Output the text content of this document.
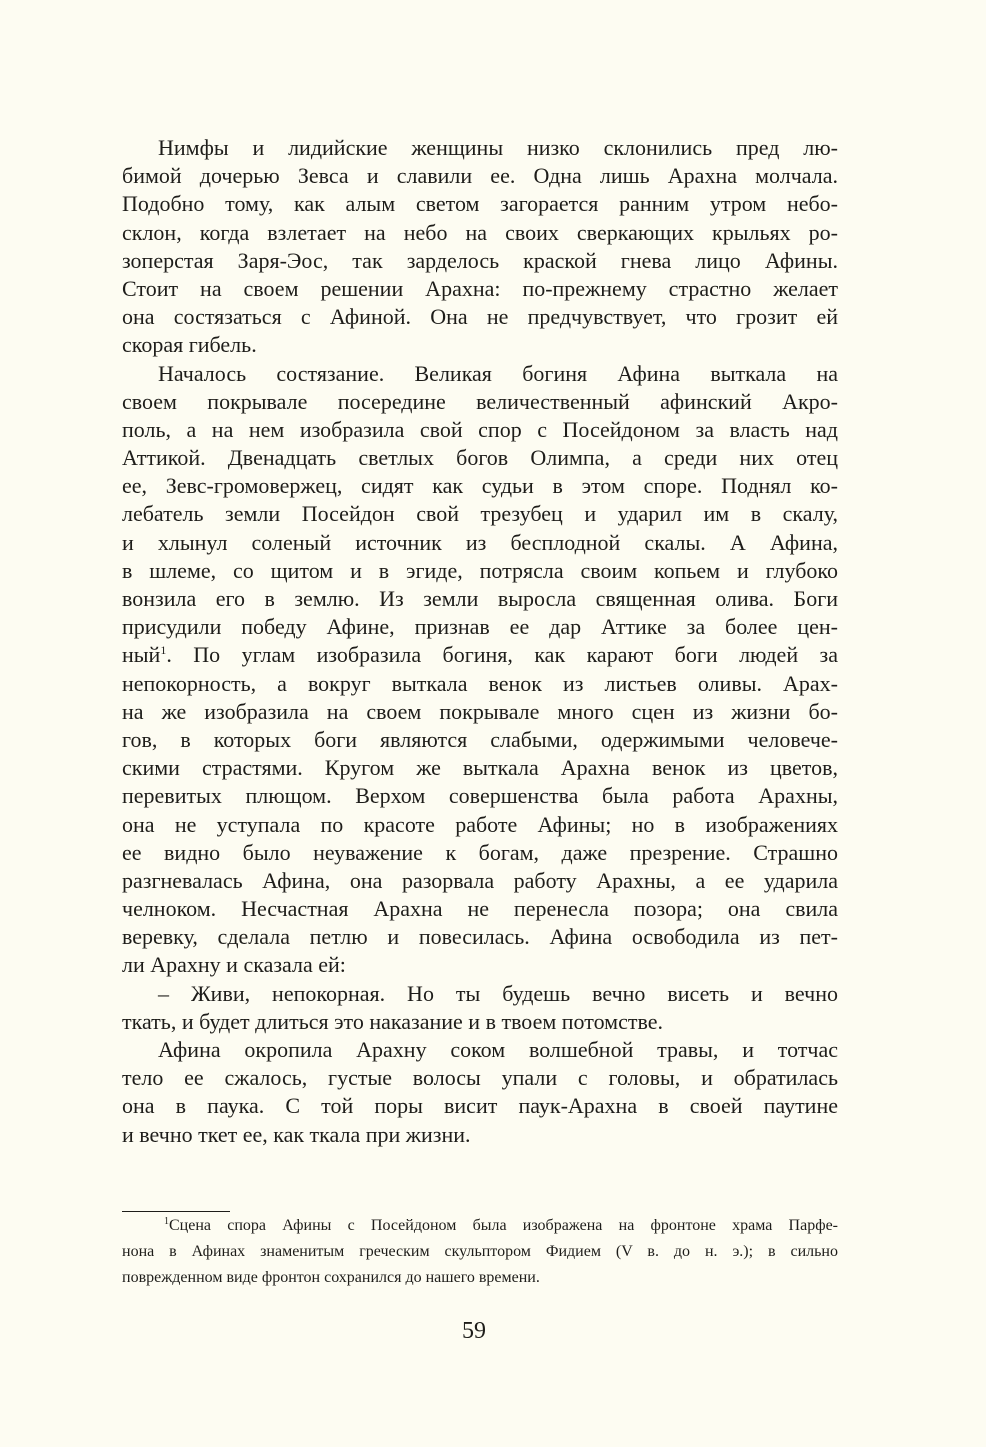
Нимфы и лидийские женщины низко склонились пред лю-
бимой дочерью Зевса и славили ее. Одна лишь Арахна молчала.
Подобно тому, как алым светом загорается ранним утром небо-
склон, когда взлетает на небо на своих сверкающих крыльях ро-
зоперстая Заря-Эос, так зарделось краской гнева лицо Афины.
Стоит на своем решении Арахна: по-прежнему страстно желает
она состязаться с Афиной. Она не предчувствует, что грозит ей
скорая гибель.
Началось состязание. Великая богиня Афина выткала на
своем покрывале посередине величественный афинский Акро-
поль, а на нем изобразила свой спор с Посейдоном за власть над
Аттикой. Двенадцать светлых богов Олимпа, а среди них отец
ее, Зевс-громовержец, сидят как судьи в этом споре. Поднял ко-
лебатель земли Посейдон свой трезубец и ударил им в скалу,
и хлынул соленый источник из бесплодной скалы. А Афина,
в шлеме, со щитом и в эгиде, потрясла своим копьем и глубоко
вонзила его в землю. Из земли выросла священная олива. Боги
присудили победу Афине, признав ее дар Аттике за более цен-
ный$^1$. По углам изобразила богиня, как карают боги людей за
непокорность, а вокруг выткала венок из листьев оливы. Арах-
на же изобразила на своем покрывале много сцен из жизни бо-
гов, в которых боги являются слабыми, одержимыми человече-
скими страстями. Кругом же выткала Арахна венок из цветов,
перевитых плющом. Верхом совершенства была работа Арахны,
она не уступала по красоте работе Афины; но в изображениях
ее видно было неуважение к богам, даже презрение. Страшно
разгневалась Афина, она разорвала работу Арахны, а ее ударила
челноком. Несчастная Арахна не перенесла позора; она свила
веревку, сделала петлю и повесилась. Афина освободила из пет-
ли Арахну и сказала ей:
– Живи, непокорная. Но ты будешь вечно висеть и вечно
ткать, и будет длиться это наказание и в твоем потомстве.
Афина окропила Арахну соком волшебной травы, и тотчас
тело ее сжалось, густые волосы упали с головы, и обратилась
она в паука. С той поры висит паук-Арахна в своей паутине
и вечно ткет ее, как ткала при жизни.
$^1$Сцена спора Афины с Посейдоном была изображена на фронтоне храма Парфе-
нона в Афинах знаменитым греческим скульптором Фидием (V в. до н. э.); в сильно
поврежденном виде фронтон сохранился до нашего времени.
59
